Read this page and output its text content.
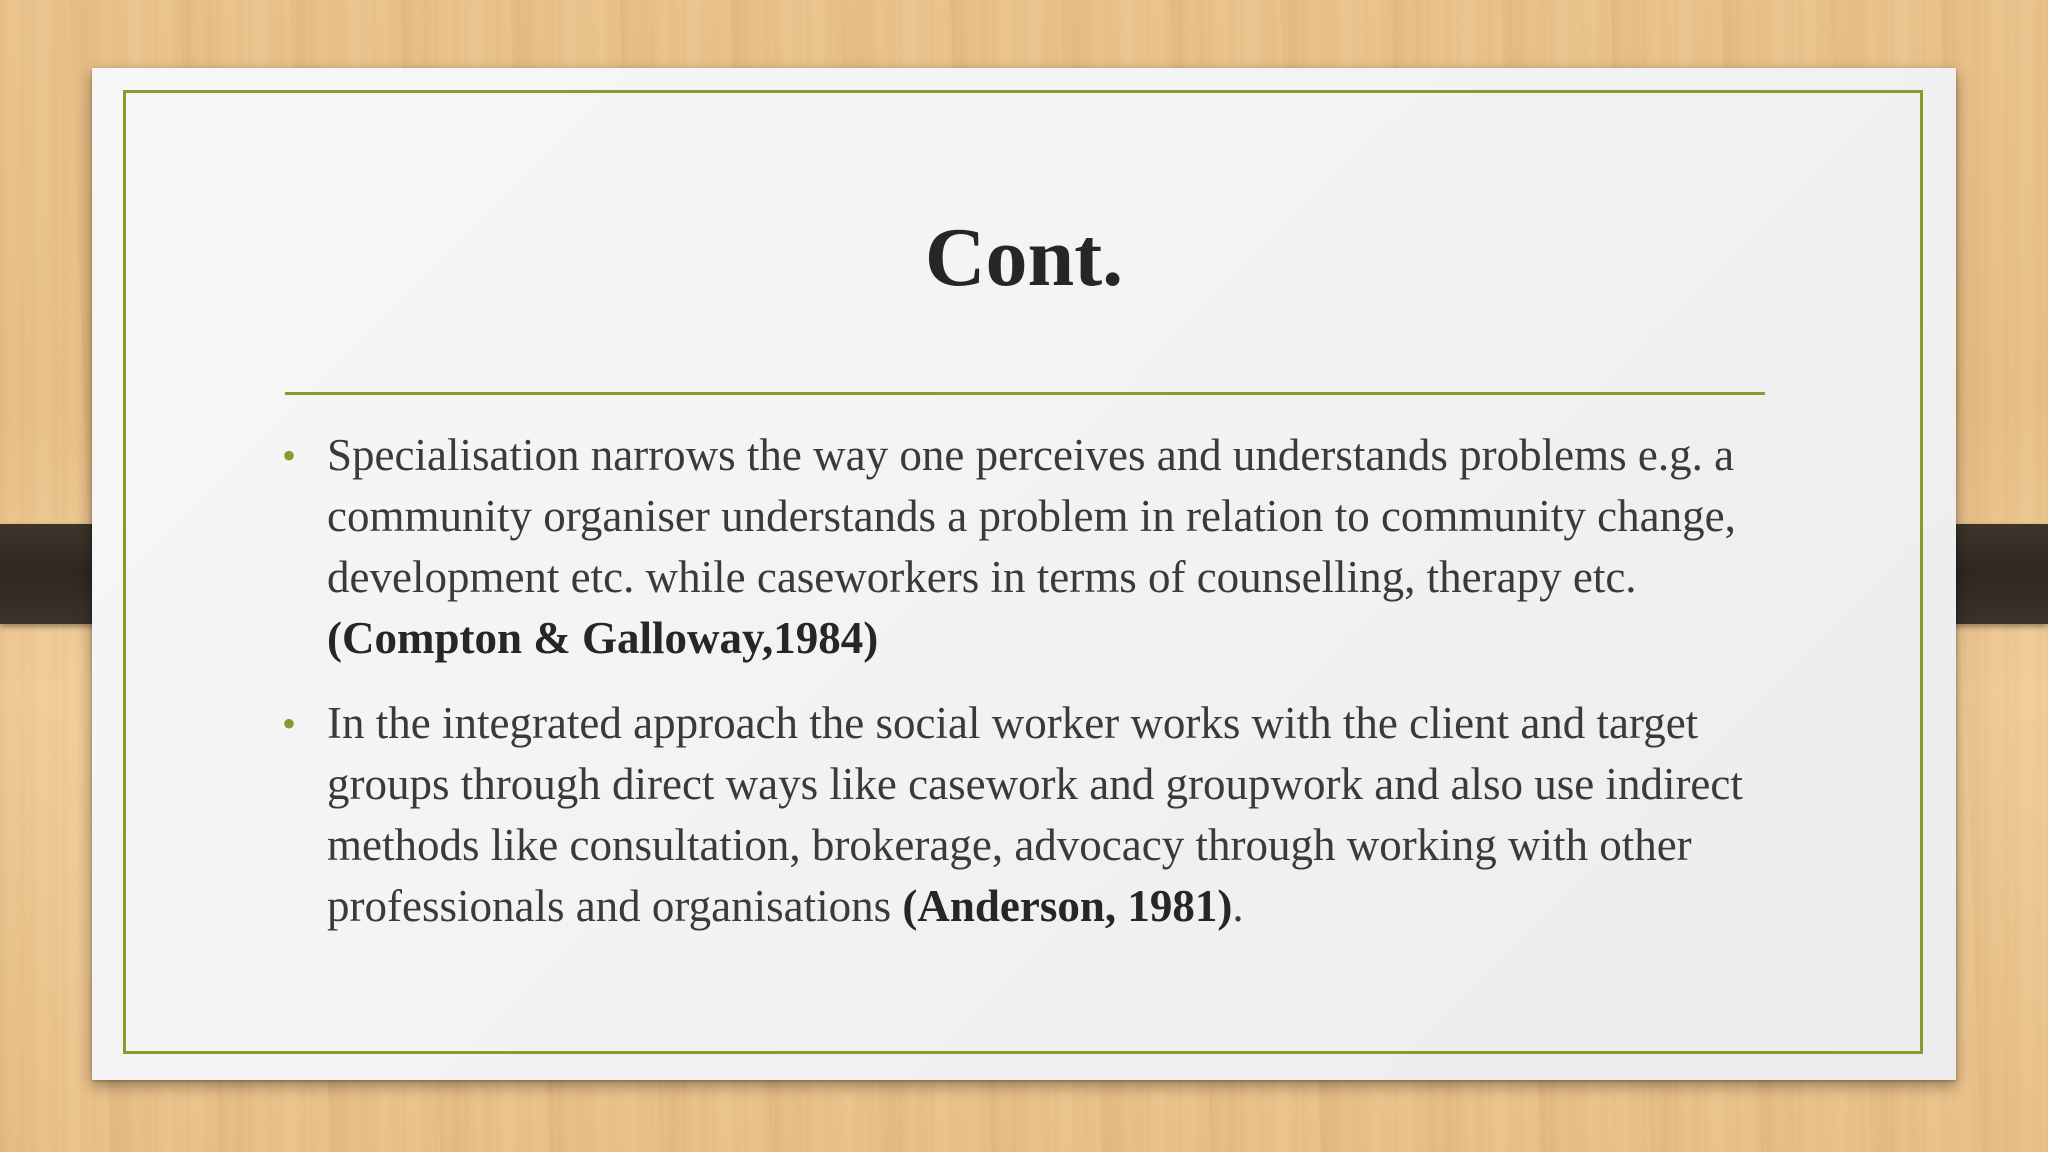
Cont.
• Specialisation narrows the way one perceives and understands problems e.g. a community organiser understands a problem in relation to community change, development etc. while caseworkers in terms of counselling, therapy etc. (Compton & Galloway,1984)
• In the integrated approach the social worker works with the client and target groups through direct ways like casework and groupwork and also use indirect methods like consultation, brokerage, advocacy through working with other professionals and organisations (Anderson, 1981).
